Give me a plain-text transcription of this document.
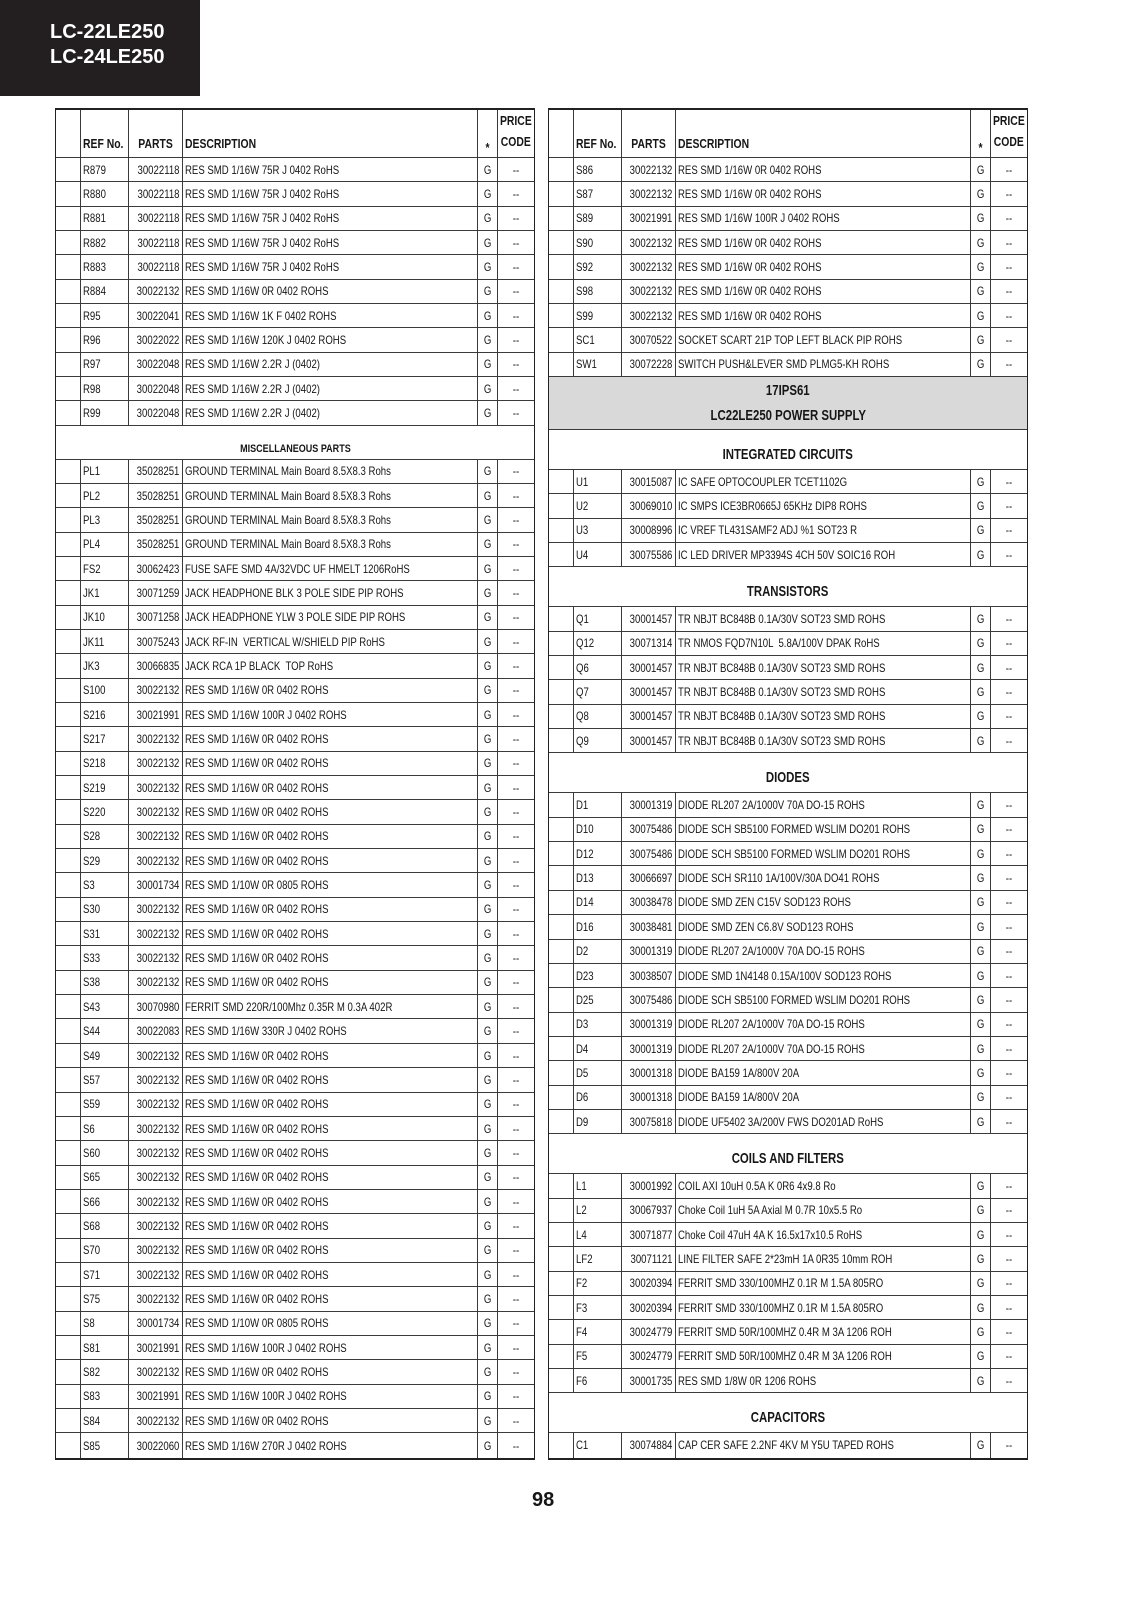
LC-22LE250
LC-24LE250
REF No. PARTS DESCRIPTION	*
PRICE
CODE
R879	30022118 RES SMD 1/16W 75R J 0402 RoHS	G --
R880	30022118 RES SMD 1/16W 75R J 0402 RoHS	G --
R881	30022118 RES SMD 1/16W 75R J 0402 RoHS	G --
R882	30022118 RES SMD 1/16W 75R J 0402 RoHS	G --
R883	30022118 RES SMD 1/16W 75R J 0402 RoHS	G --
R884	30022132 RES SMD 1/16W 0R 0402 ROHS	G --
R95	30022041 RES SMD 1/16W 1K F 0402 ROHS	G --
R96	30022022 RES SMD 1/16W 120K J 0402 ROHS	G --
R97	30022048 RES SMD 1/16W 2.2R J (0402)	G --
R98	30022048 RES SMD 1/16W 2.2R J (0402)	G --
R99	30022048 RES SMD 1/16W 2.2R J (0402)	G --
MISCELLANEOUS PARTS
PL1	35028251 GROUND TERMINAL Main Board 8.5X8.3 Rohs	G --
PL2	35028251 GROUND TERMINAL Main Board 8.5X8.3 Rohs	G --
PL3	35028251 GROUND TERMINAL Main Board 8.5X8.3 Rohs	G --
PL4	35028251 GROUND TERMINAL Main Board 8.5X8.3 Rohs	G --
FS2	30062423 FUSE SAFE SMD 4A/32VDC UF HMELT 1206RoHS	G --
JK1	30071259 JACK HEADPHONE BLK 3 POLE SIDE PIP ROHS	G --
JK10	30071258 JACK HEADPHONE YLW 3 POLE SIDE PIP ROHS	G --
JK11	30075243 JACK RF-IN  VERTICAL W/SHIELD PIP RoHS	G --
JK3	30066835 JACK RCA 1P BLACK  TOP RoHS	G --
S100	30022132 RES SMD 1/16W 0R 0402 ROHS	G --
S216	30021991 RES SMD 1/16W 100R J 0402 ROHS	G --
S217	30022132 RES SMD 1/16W 0R 0402 ROHS	G --
S218	30022132 RES SMD 1/16W 0R 0402 ROHS	G --
S219	30022132 RES SMD 1/16W 0R 0402 ROHS	G --
S220	30022132 RES SMD 1/16W 0R 0402 ROHS	G --
S28	30022132 RES SMD 1/16W 0R 0402 ROHS	G --
S29	30022132 RES SMD 1/16W 0R 0402 ROHS	G --
S3	30001734 RES SMD 1/10W 0R 0805 ROHS	G --
S30	30022132 RES SMD 1/16W 0R 0402 ROHS	G --
S31	30022132 RES SMD 1/16W 0R 0402 ROHS	G --
S33	30022132 RES SMD 1/16W 0R 0402 ROHS	G --
S38	30022132 RES SMD 1/16W 0R 0402 ROHS	G --
S43	30070980 FERRIT SMD 220R/100Mhz 0.35R M 0.3A 402R	G --
S44	30022083 RES SMD 1/16W 330R J 0402 ROHS	G --
S49	30022132 RES SMD 1/16W 0R 0402 ROHS	G --
S57	30022132 RES SMD 1/16W 0R 0402 ROHS	G --
S59	30022132 RES SMD 1/16W 0R 0402 ROHS	G --
S6	30022132 RES SMD 1/16W 0R 0402 ROHS	G --
S60	30022132 RES SMD 1/16W 0R 0402 ROHS	G --
S65	30022132 RES SMD 1/16W 0R 0402 ROHS	G --
S66	30022132 RES SMD 1/16W 0R 0402 ROHS	G --
S68	30022132 RES SMD 1/16W 0R 0402 ROHS	G --
S70	30022132 RES SMD 1/16W 0R 0402 ROHS	G --
S71	30022132 RES SMD 1/16W 0R 0402 ROHS	G --
S75	30022132 RES SMD 1/16W 0R 0402 ROHS	G --
S8	30001734 RES SMD 1/10W 0R 0805 ROHS	G --
S81	30021991 RES SMD 1/16W 100R J 0402 ROHS	G --
S82	30022132 RES SMD 1/16W 0R 0402 ROHS	G --
S83	30021991 RES SMD 1/16W 100R J 0402 ROHS	G --
S84	30022132 RES SMD 1/16W 0R 0402 ROHS	G --
S85	30022060 RES SMD 1/16W 270R J 0402 ROHS	G --
REF No. PARTS DESCRIPTION	*
PRICE
CODE
S86	30022132 RES SMD 1/16W 0R 0402 ROHS	G --
S87	30022132 RES SMD 1/16W 0R 0402 ROHS	G --
S89	30021991 RES SMD 1/16W 100R J 0402 ROHS	G --
S90	30022132 RES SMD 1/16W 0R 0402 ROHS	G --
S92	30022132 RES SMD 1/16W 0R 0402 ROHS	G --
S98	30022132 RES SMD 1/16W 0R 0402 ROHS	G --
S99	30022132 RES SMD 1/16W 0R 0402 ROHS	G --
SC1	30070522 SOCKET SCART 21P TOP LEFT BLACK PIP ROHS	G --
SW1	30072228 SWITCH PUSH&LEVER SMD PLMG5-KH ROHS	G --
17IPS61
LC22LE250 POWER SUPPLY
INTEGRATED CIRCUITS
U1	30015087 IC SAFE OPTOCOUPLER TCET1102G	G --
U2	30069010 IC SMPS ICE3BR0665J 65KHz DIP8 ROHS	G --
U3	30008996 IC VREF TL431SAMF2 ADJ %1 SOT23 R	G --
U4	30075586 IC LED DRIVER MP3394S 4CH 50V SOIC16 ROH	G --
TRANSISTORS
Q1	30001457 TR NBJT BC848B 0.1A/30V SOT23 SMD ROHS	G --
Q12	30071314 TR NMOS FQD7N10L  5.8A/100V DPAK RoHS	G --
Q6	30001457 TR NBJT BC848B 0.1A/30V SOT23 SMD ROHS	G --
Q7	30001457 TR NBJT BC848B 0.1A/30V SOT23 SMD ROHS	G --
Q8	30001457 TR NBJT BC848B 0.1A/30V SOT23 SMD ROHS	G --
Q9	30001457 TR NBJT BC848B 0.1A/30V SOT23 SMD ROHS	G --
DIODES
D1	30001319 DIODE RL207 2A/1000V 70A DO-15 ROHS	G --
D10	30075486 DIODE SCH SB5100 FORMED WSLIM DO201 ROHS	G --
D12	30075486 DIODE SCH SB5100 FORMED WSLIM DO201 ROHS	G --
D13	30066697 DIODE SCH SR110 1A/100V/30A DO41 ROHS	G --
D14	30038478 DIODE SMD ZEN C15V SOD123 ROHS	G --
D16	30038481 DIODE SMD ZEN C6.8V SOD123 ROHS	G --
D2	30001319 DIODE RL207 2A/1000V 70A DO-15 ROHS	G --
D23	30038507 DIODE SMD 1N4148 0.15A/100V SOD123 ROHS	G --
D25	30075486 DIODE SCH SB5100 FORMED WSLIM DO201 ROHS	G --
D3	30001319 DIODE RL207 2A/1000V 70A DO-15 ROHS	G --
D4	30001319 DIODE RL207 2A/1000V 70A DO-15 ROHS	G --
D5	30001318 DIODE BA159 1A/800V 20A	G --
D6	30001318 DIODE BA159 1A/800V 20A	G --
D9	30075818 DIODE UF5402 3A/200V FWS DO201AD RoHS	G --
COILS AND FILTERS
L1	30001992 COIL AXI 10uH 0.5A K 0R6 4x9.8 Ro	G --
L2	30067937 Choke Coil 1uH 5A Axial M 0.7R 10x5.5 Ro	G --
L4	30071877 Choke Coil 47uH 4A K 16.5x17x10.5 RoHS	G --
LF2	30071121 LINE FILTER SAFE 2*23mH 1A 0R35 10mm ROH	G --
F2	30020394 FERRIT SMD 330/100MHZ 0.1R M 1.5A 805RO	G --
F3	30020394 FERRIT SMD 330/100MHZ 0.1R M 1.5A 805RO	G --
F4	30024779 FERRIT SMD 50R/100MHZ 0.4R M 3A 1206 ROH	G --
F5	30024779 FERRIT SMD 50R/100MHZ 0.4R M 3A 1206 ROH	G --
F6	30001735 RES SMD 1/8W 0R 1206 ROHS	G --
CAPACITORS
C1	30074884 CAP CER SAFE 2.2NF 4KV M Y5U TAPED ROHS	G --
98
